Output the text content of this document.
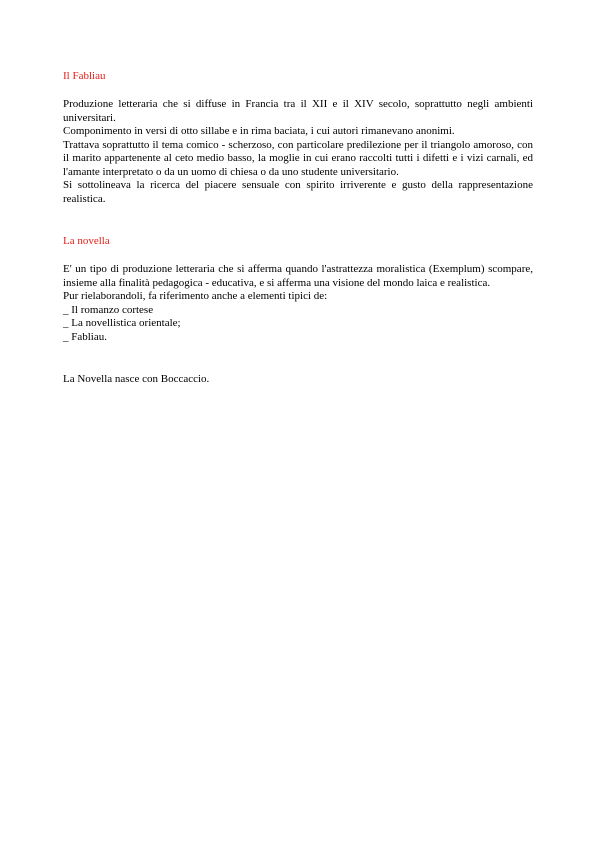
Il Fabliau

Produzione letteraria che si diffuse in Francia tra il XII e il XIV secolo, soprattutto negli ambienti universitari.

Componimento in versi di otto sillabe e in rima baciata, i cui autori rimanevano anonimi.

Trattava soprattutto il tema comico - scherzoso, con particolare predilezione per il triangolo amoroso, con il marito appartenente al ceto medio basso, la moglie in cui erano raccolti tutti i difetti e i vizi carnali, ed l'amante interpretato o da un uomo di chiesa o da uno studente universitario.

Si sottolineava la ricerca del piacere sensuale con spirito irriverente e gusto della rappresentazione realistica.

La novella

E' un tipo di produzione letteraria che si afferma quando l'astrattezza moralistica (Exemplum) scompare, insieme alla finalità pedagogica - educativa, e si afferma una visione del mondo laica e realistica.

Pur rielaborandoli, fa riferimento anche a elementi tipici de:

_ Il romanzo cortese

_ La novellistica orientale;

_ Fabliau.

La Novella nasce con Boccaccio.
